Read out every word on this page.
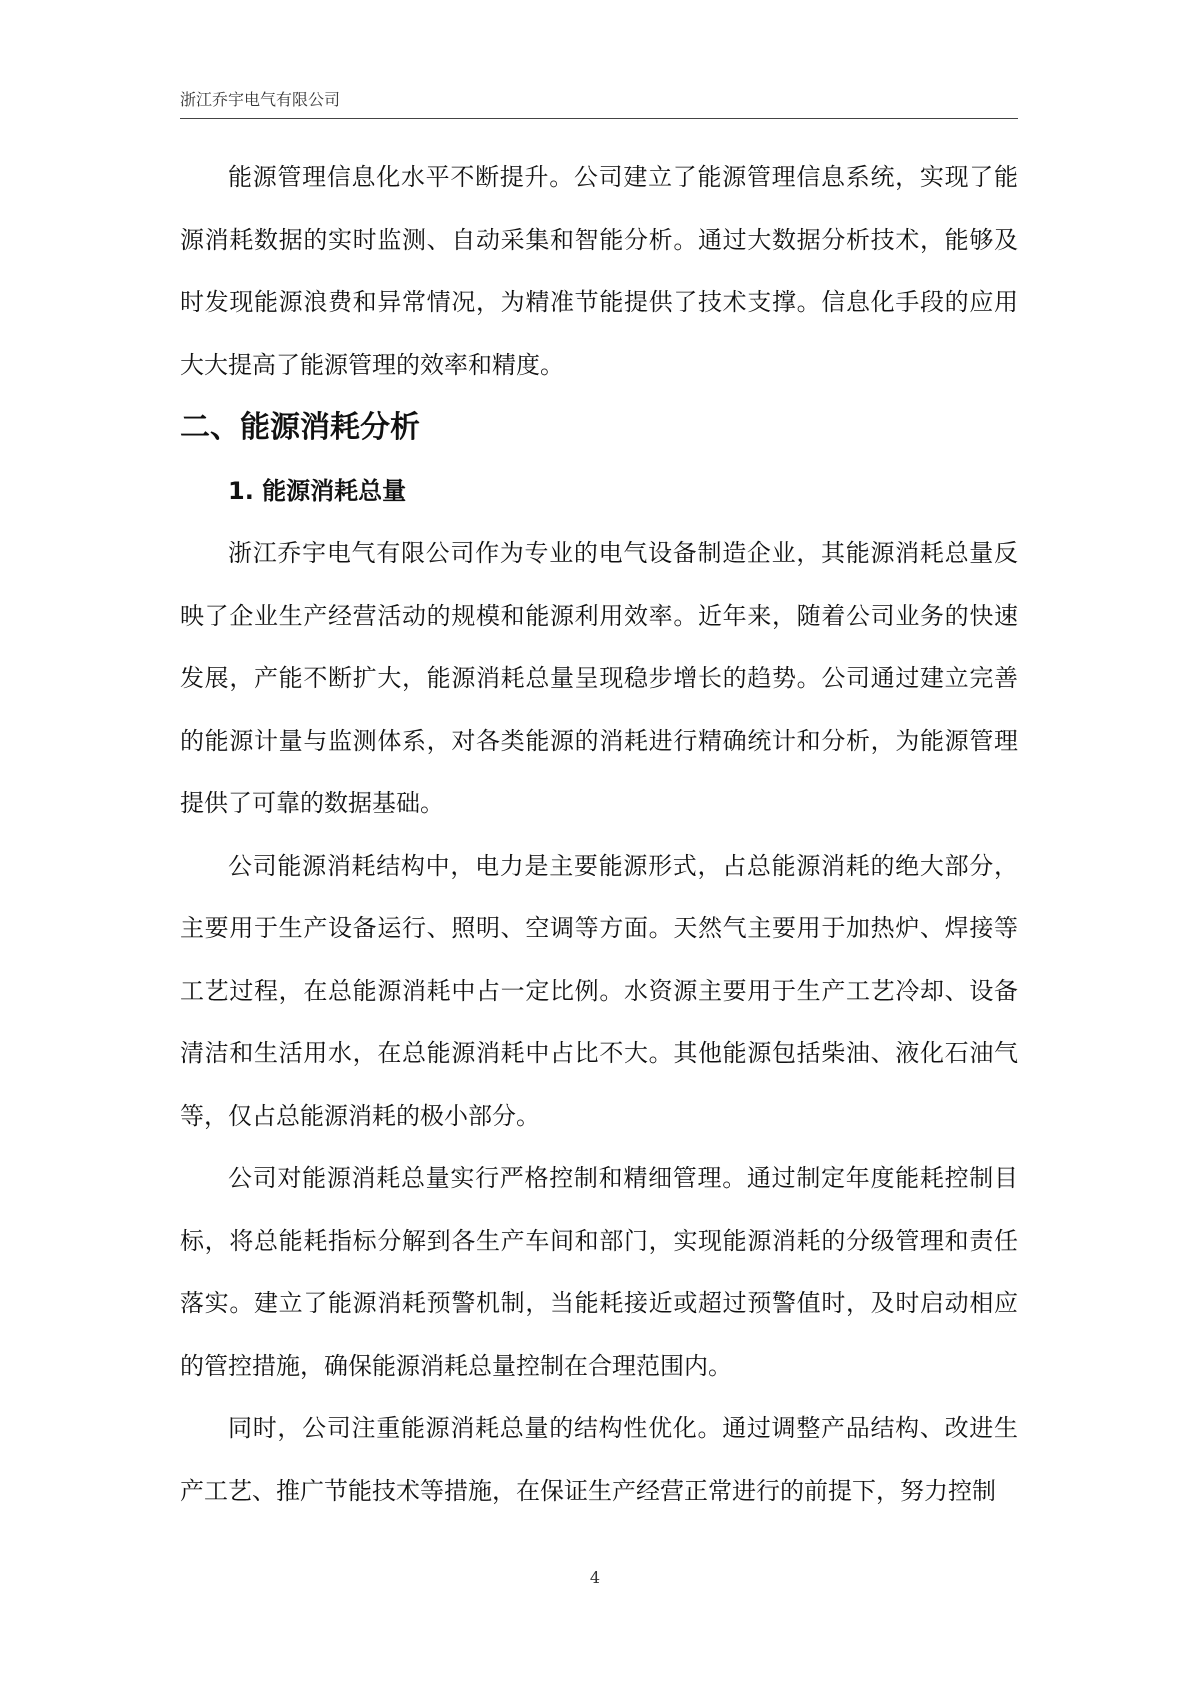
浙江乔宇电气有限公司

能源管理信息化水平不断提升。公司建立了能源管理信息系统，实现了能源消耗数据的实时监测、自动采集和智能分析。通过大数据分析技术，能够及时发现能源浪费和异常情况，为精准节能提供了技术支撑。信息化手段的应用大大提高了能源管理的效率和精度。

二、能源消耗分析
1. 能源消耗总量

浙江乔宇电气有限公司作为专业的电气设备制造企业，其能源消耗总量反映了企业生产经营活动的规模和能源利用效率。近年来，随着公司业务的快速发展，产能不断扩大，能源消耗总量呈现稳步增长的趋势。公司通过建立完善的能源计量与监测体系，对各类能源的消耗进行精确统计和分析，为能源管理提供了可靠的数据基础。

公司能源消耗结构中，电力是主要能源形式，占总能源消耗的绝大部分，主要用于生产设备运行、照明、空调等方面。天然气主要用于加热炉、焊接等工艺过程，在总能源消耗中占一定比例。水资源主要用于生产工艺冷却、设备清洁和生活用水，在总能源消耗中占比不大。其他能源包括柴油、液化石油气等，仅占总能源消耗的极小部分。

公司对能源消耗总量实行严格控制和精细管理。通过制定年度能耗控制目标，将总能耗指标分解到各生产车间和部门，实现能源消耗的分级管理和责任落实。建立了能源消耗预警机制，当能耗接近或超过预警值时，及时启动相应的管控措施，确保能源消耗总量控制在合理范围内。

同时，公司注重能源消耗总量的结构性优化。通过调整产品结构、改进生产工艺、推广节能技术等措施，在保证生产经营正常进行的前提下，努力控制

4
